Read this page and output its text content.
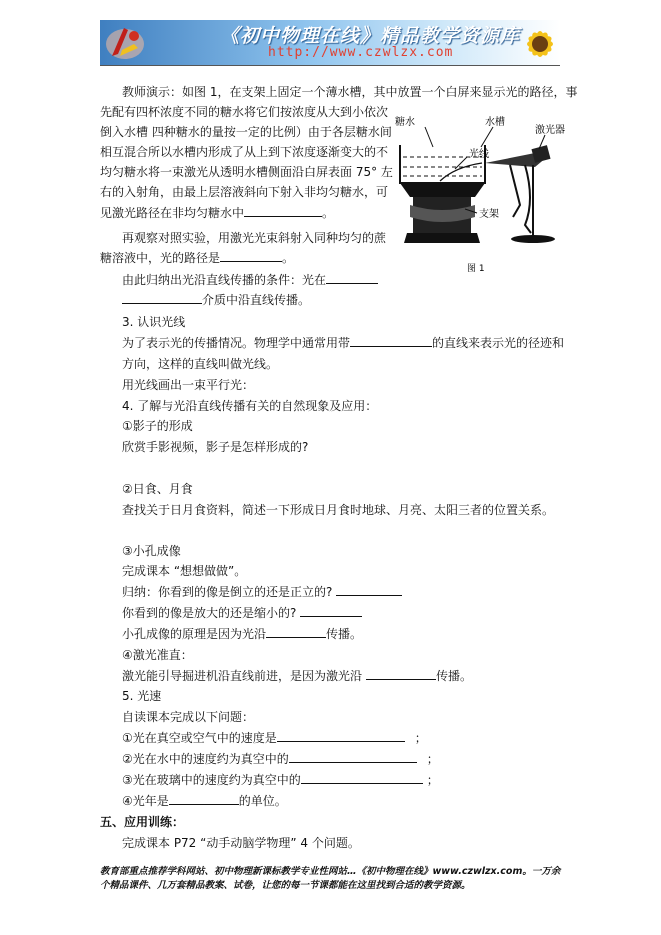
《初中物理在线》精品教学资源库
http://www.czwlzx.com
糖水	水槽
激光器
光线
支架
图 1
教师演示：如图 1，在支架上固定一个薄水槽，其中放置一个白屏来显示光的路径，事
先配有四杯浓度不同的糖水将它们按浓度从大到小依次
倒入水槽 四种糖水的量按一定的比例）由于各层糖水间
相互混合所以水槽内形成了从上到下浓度逐渐变大的不
均匀糖水将一束激光从透明水槽侧面沿白屏表面 75° 左
右的入射角，由最上层溶液斜向下射入非均匀糖水，可
见激光路径在非均匀糖水中	。
再观察对照实验，用激光光束斜射入同种均匀的蔗
糖溶液中，光的路径是	。
由此归纳出光沿直线传播的条件：光在
介质中沿直线传播。
3. 认识光线
为了表示光的传播情况。物理学中通常用带	的直线来表示光的径迹和
方向，这样的直线叫做光线。
用光线画出一束平行光：
4. 了解与光沿直线传播有关的自然现象及应用：
①影子的形成
欣赏手影视频，影子是怎样形成的?
②日食、月食
查找关于日月食资料，简述一下形成日月食时地球、月亮、太阳三者的位置关系。
③小孔成像
完成课本 “想想做做”。
归纳：你看到的像是倒立的还是正立的?
你看到的像是放大的还是缩小的?
小孔成像的原理是因为光沿	传播。
④激光准直：
激光能引导掘进机沿直线前进，是因为激光沿	传播。
5. 光速
自读课本完成以下问题：
①光在真空或空气中的速度是	；
②光在水中的速度约为真空中的	；
③光在玻璃中的速度约为真空中的	；
④光年是	的单位。
五、应用训练：
完成课本 P72 “动手动脑学物理” 4 个问题。
教育部重点推荐学科网站、初中物理新课标教学专业性网站…《初中物理在线》www.czwlzx.com。一万余
个精品课件、几万套精品教案、试卷，让您的每一节课都能在这里找到合适的教学资源。
